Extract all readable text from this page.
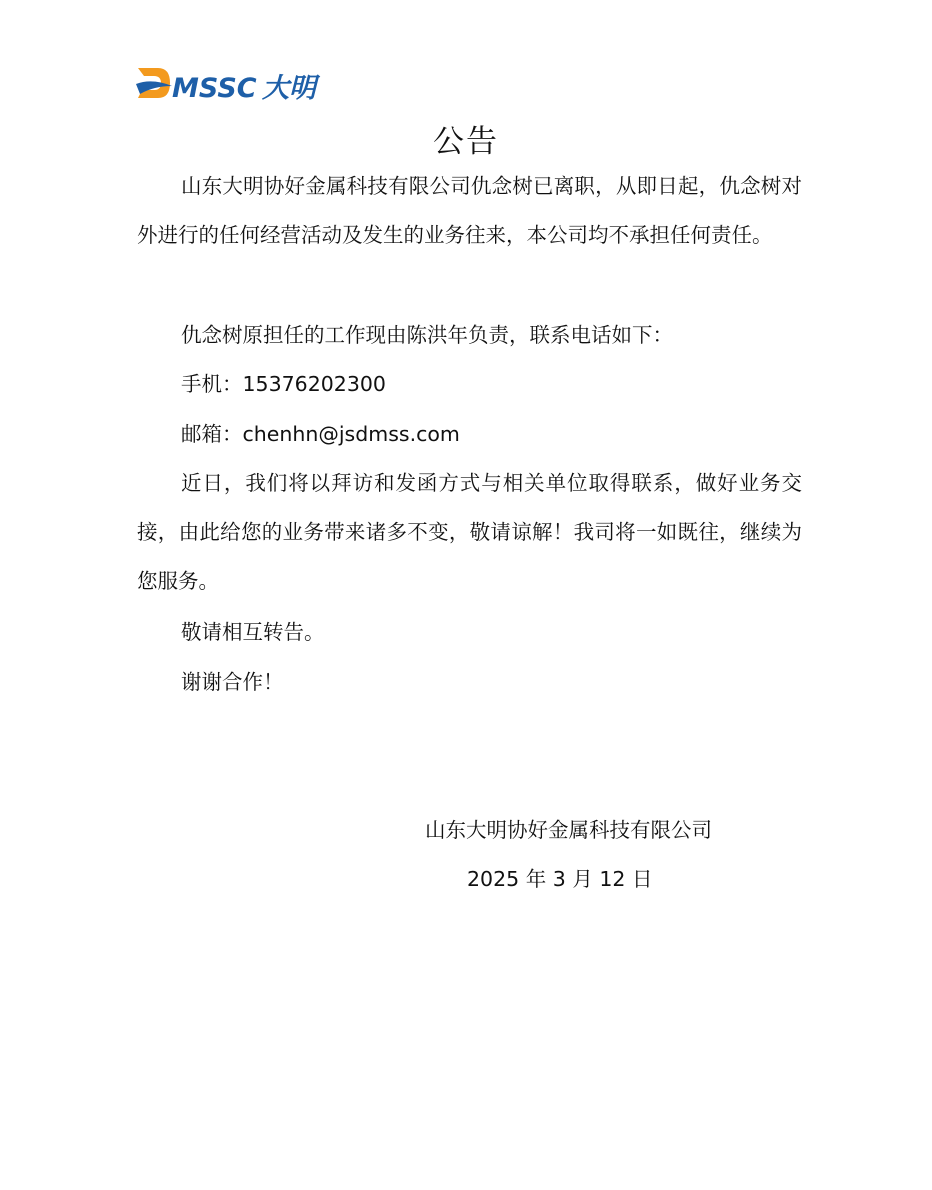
MSSC 大明
公告

山东大明协好金属科技有限公司仇念树已离职，从即日起，仇念树对外进行的任何经营活动及发生的业务往来，本公司均不承担任何责任。

仇念树原担任的工作现由陈洪年负责，联系电话如下：

手机：15376202300

邮箱：chenhn@jsdmss.com

近日，我们将以拜访和发函方式与相关单位取得联系，做好业务交接，由此给您的业务带来诸多不变，敬请谅解！我司将一如既往，继续为您服务。

敬请相互转告。

谢谢合作！

山东大明协好金属科技有限公司
2025 年 3 月 12 日
